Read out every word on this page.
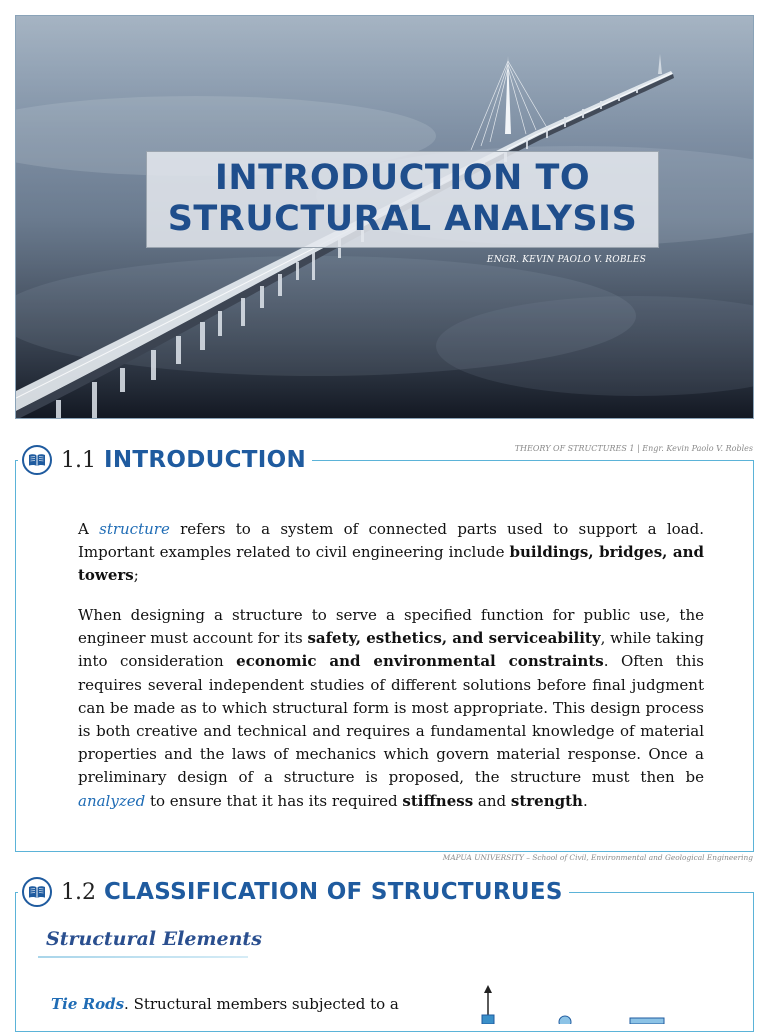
INTRODUCTION TO
STRUCTURAL ANALYSIS
ENGR. KEVIN PAOLO V. ROBLES
1.1 INTRODUCTION	THEORY OF STRUCTURES 1 | Engr. Kevin Paolo V. Robles

A structure refers to a system of connected parts used to support a load. Important examples related to civil engineering include buildings, bridges, and towers;

When designing a structure to serve a specified function for public use, the engineer must account for its safety, esthetics, and serviceability, while taking into consideration economic and environmental constraints. Often this requires several independent studies of different solutions before final judgment can be made as to which structural form is most appropriate. This design process is both creative and technical and requires a fundamental knowledge of material properties and the laws of mechanics which govern material response. Once a preliminary design of a structure is proposed, the structure must then be analyzed to ensure that it has its required stiffness and strength.

MAPUA UNIVERSITY – School of Civil, Environmental and Geological Engineering
1.2 CLASSIFICATION OF STRUCTURUES
Structural Elements
Tie Rods. Structural members subjected to a
